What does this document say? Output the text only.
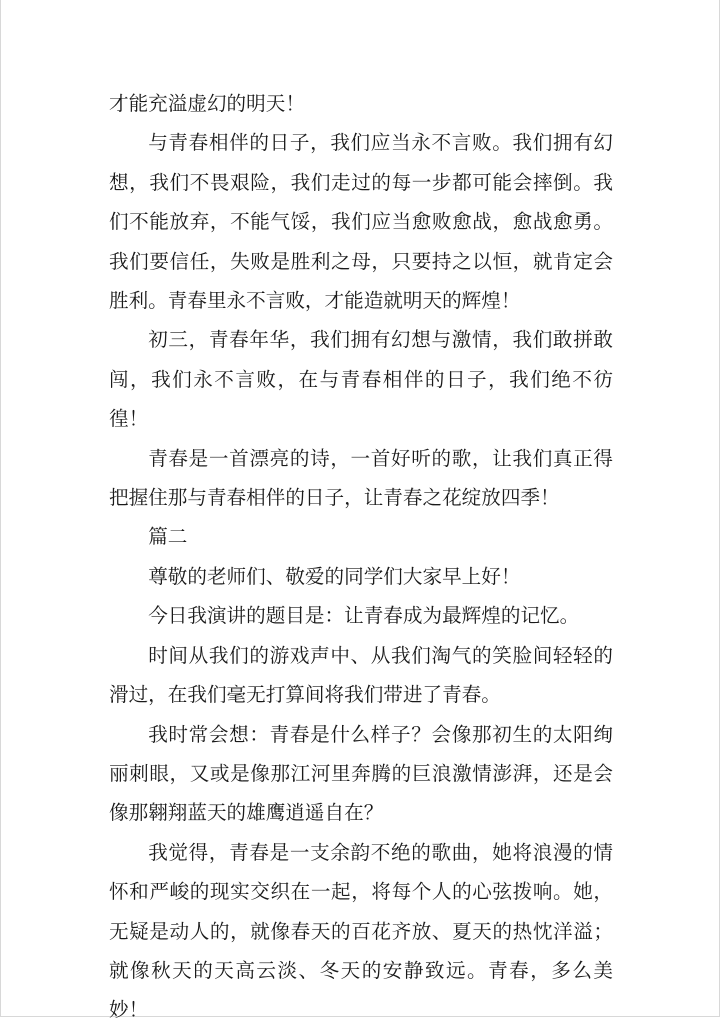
才能充溢虚幻的明天！

与青春相伴的日子，我们应当永不言败。我们拥有幻想，我们不畏艰险，我们走过的每一步都可能会摔倒。我们不能放弃，不能气馁，我们应当愈败愈战，愈战愈勇。我们要信任，失败是胜利之母，只要持之以恒，就肯定会胜利。青春里永不言败，才能造就明天的辉煌！

初三，青春年华，我们拥有幻想与激情，我们敢拼敢闯，我们永不言败，在与青春相伴的日子，我们绝不彷徨！

青春是一首漂亮的诗，一首好听的歌，让我们真正得把握住那与青春相伴的日子，让青春之花绽放四季！

篇二

尊敬的老师们、敬爱的同学们大家早上好！

今日我演讲的题目是：让青春成为最辉煌的记忆。

时间从我们的游戏声中、从我们淘气的笑脸间轻轻的滑过，在我们毫无打算间将我们带进了青春。

我时常会想：青春是什么样子？会像那初生的太阳绚丽刺眼，又或是像那江河里奔腾的巨浪激情澎湃，还是会像那翱翔蓝天的雄鹰逍遥自在？

我觉得，青春是一支余韵不绝的歌曲，她将浪漫的情怀和严峻的现实交织在一起，将每个人的心弦拨响。她，无疑是动人的，就像春天的百花齐放、夏天的热忱洋溢；就像秋天的天高云淡、冬天的安静致远。青春，多么美妙！
